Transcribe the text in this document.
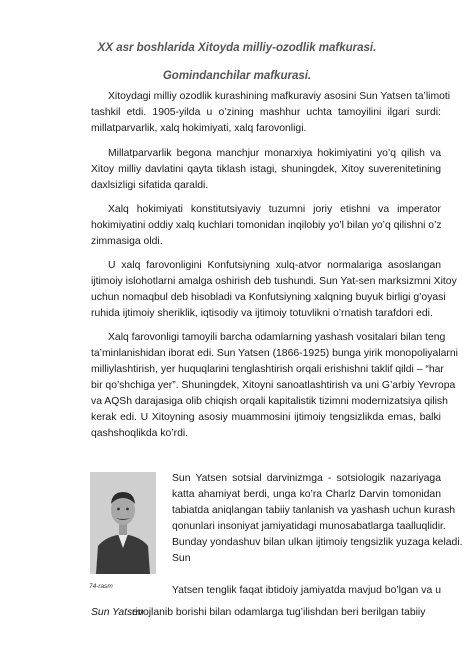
XX asr boshlarida Xitoyda milliy-ozodlik mafkurasi.
Gomindanchilar mafkurasi.
Xitoydagi milliy ozodlik kurashining mafkuraviy asosini Sun Yatsen ta’limoti
tashkil etdi. 1905-yilda u o’zining mashhur uchta tamoyilini ilgari surdi:
millatparvarlik, xalq hokimiyati, xalq farovonligi.
Millatparvarlik begona manchjur monarxiya hokimiyatini yo’q qilish va
Xitoy milliy davlatini qayta tiklash istagi, shuningdek, Xitoy suverenitetining
daxlsizligi sifatida qaraldi.
Xalq hokimiyati konstitutsiyaviy tuzumni joriy etishni va imperator
hokimiyatini oddiy xalq kuchlari tomonidan inqilobiy yo’l bilan yo’q qilishni o’z
zimmasiga oldi.
U xalq farovonligini Konfutsiyning xulq-atvor normalariga asoslangan
ijtimoiy islohotlarni amalga oshirish deb tushundi. Sun Yat-sen marksizmni Xitoy
uchun nomaqbul deb hisobladi va Konfutsiyning xalqning buyuk birligi g’oyasi
ruhida ijtimoiy sheriklik, iqtisodiy va ijtimoiy totuvlikni o’rnatish tarafdori edi.
Xalq farovonligi tamoyili barcha odamlarning yashash vositalari bilan teng
ta’minlanishidan iborat edi. Sun Yatsen (1866-1925) bunga yirik monopoliyalarni
milliylashtirish, yer huquqlarini tenglashtirish orqali erishishni taklif qildi – “har
bir qo’shchiga yer”. Shuningdek, Xitoyni sanoatlashtirish va uni G’arbiy Yevropa
va AQSh darajasiga olib chiqish orqali kapitalistik tizimni modernizatsiya qilish
kerak edi. U Xitoyning asosiy muammosini ijtimoiy tengsizlikda emas, balki
qashshoqlikda ko’rdi.
Sun Yatsen sotsial darvinizmga - sotsiologik nazariyaga
katta ahamiyat berdi, unga ko’ra Charlz Darvin tomonidan
tabiatda aniqlangan tabiiy tanlanish va yashash uchun kurash
qonunlari insoniyat jamiyatidagi munosabatlarga taalluqlidir.
Bunday yondashuv bilan ulkan ijtimoiy tengsizlik yuzaga keladi.
Sun
74-rasm	Yatsen tenglik faqat ibtidoiy jamiyatda mavjud bo’lgan va u
Sun Yatsen
rivojlanib borishi bilan odamlarga tug’ilishdan beri berilgan tabiiy
